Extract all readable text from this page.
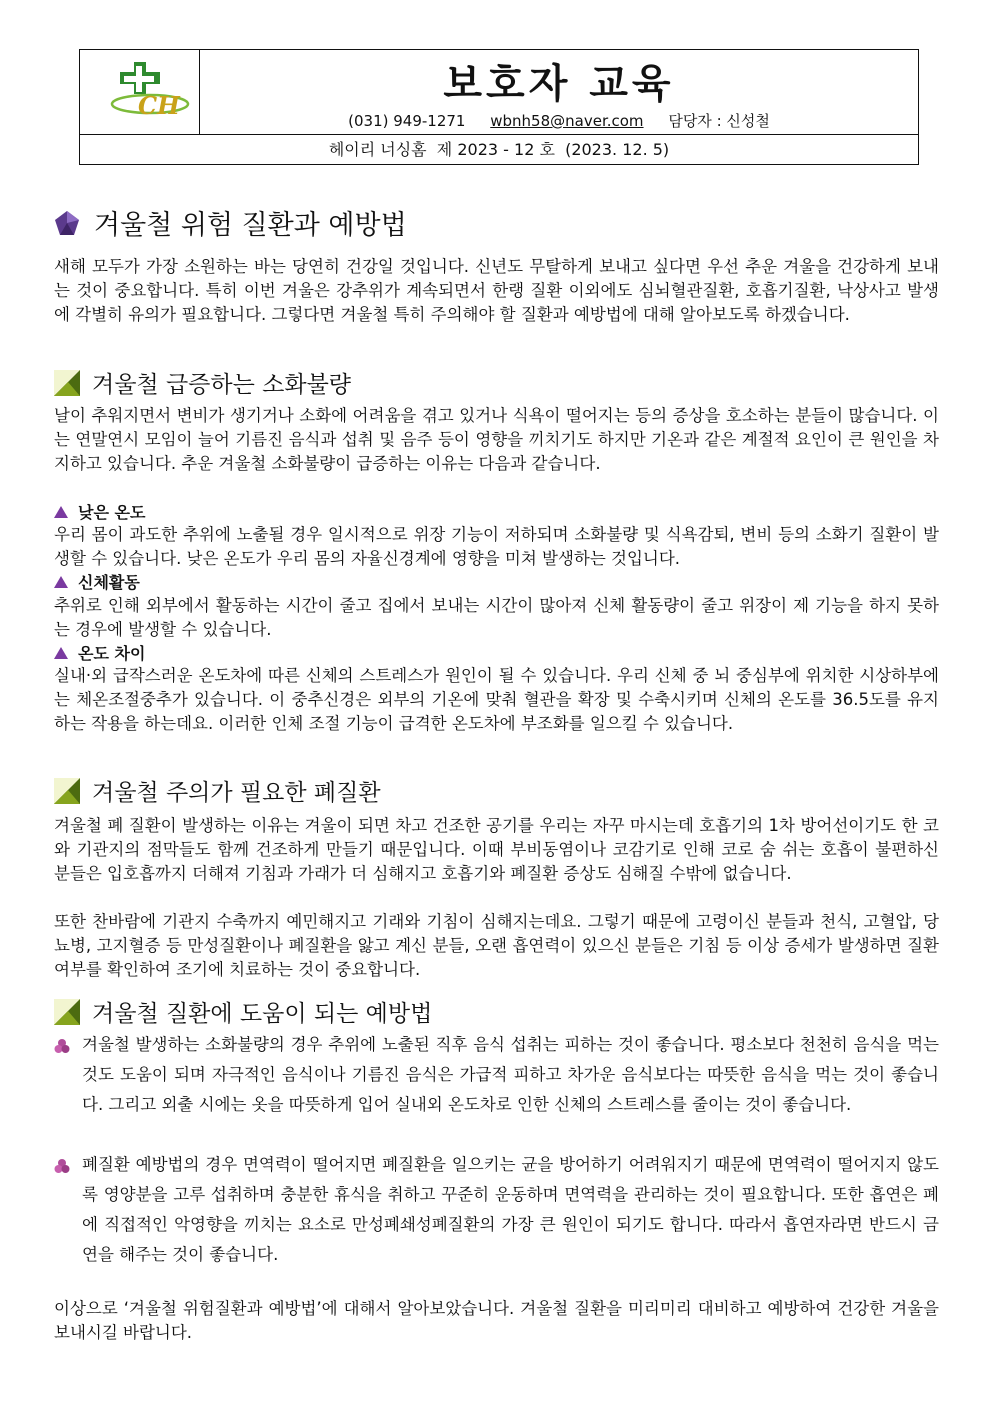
CH	보호자 교육
(031) 949-1271 wbnh58@naver.com 담당자 : 신성철
헤이리 너싱홈  제 2023 - 12 호  (2023. 12. 5)
겨울철 위험 질환과 예방법

새해 모두가 가장 소원하는 바는 당연히 건강일 것입니다. 신년도 무탈하게 보내고 싶다면 우선 추운 겨울을 건강하게 보내는 것이 중요합니다. 특히 이번 겨울은 강추위가 계속되면서 한랭 질환 이외에도 심뇌혈관질환, 호흡기질환, 낙상사고 발생에 각별히 유의가 필요합니다. 그렇다면 겨울철 특히 주의해야 할 질환과 예방법에 대해 알아보도록 하겠습니다.

겨울철 급증하는 소화불량

날이 추워지면서 변비가 생기거나 소화에 어려움을 겪고 있거나 식욕이 떨어지는 등의 증상을 호소하는 분들이 많습니다. 이는 연말연시 모임이 늘어 기름진 음식과 섭취 및 음주 등이 영향을 끼치기도 하지만 기온과 같은 계절적 요인이 큰 원인을 차지하고 있습니다. 추운 겨울철 소화불량이 급증하는 이유는 다음과 같습니다.

낮은 온도

우리 몸이 과도한 추위에 노출될 경우 일시적으로 위장 기능이 저하되며 소화불량 및 식욕감퇴, 변비 등의 소화기 질환이 발생할 수 있습니다. 낮은 온도가 우리 몸의 자율신경계에 영향을 미쳐 발생하는 것입니다.

신체활동

추위로 인해 외부에서 활동하는 시간이 줄고 집에서 보내는 시간이 많아져 신체 활동량이 줄고 위장이 제 기능을 하지 못하는 경우에 발생할 수 있습니다.

온도 차이

실내·외 급작스러운 온도차에 따른 신체의 스트레스가 원인이 될 수 있습니다. 우리 신체 중 뇌 중심부에 위치한 시상하부에는 체온조절중추가 있습니다. 이 중추신경은 외부의 기온에 맞춰 혈관을 확장 및 수축시키며 신체의 온도를 36.5도를 유지하는 작용을 하는데요. 이러한 인체 조절 기능이 급격한 온도차에 부조화를 일으킬 수 있습니다.

겨울철 주의가 필요한 폐질환

겨울철 폐 질환이 발생하는 이유는 겨울이 되면 차고 건조한 공기를 우리는 자꾸 마시는데 호흡기의 1차 방어선이기도 한 코와 기관지의 점막들도 함께 건조하게 만들기 때문입니다. 이때 부비동염이나 코감기로 인해 코로 숨 쉬는 호흡이 불편하신 분들은 입호흡까지 더해져 기침과 가래가 더 심해지고 호흡기와 폐질환 증상도 심해질 수밖에 없습니다.

또한 찬바람에 기관지 수축까지 예민해지고 기래와 기침이 심해지는데요. 그렇기 때문에 고령이신 분들과 천식, 고혈압, 당뇨병, 고지혈증 등 만성질환이나 폐질환을 앓고 계신 분들, 오랜 흡연력이 있으신 분들은 기침 등 이상 증세가 발생하면 질환 여부를 확인하여 조기에 치료하는 것이 중요합니다.

겨울철 질환에 도움이 되는 예방법
겨울철 발생하는 소화불량의 경우 추위에 노출된 직후 음식 섭취는 피하는 것이 좋습니다. 평소보다 천천히 음식을 먹는 것도 도움이 되며 자극적인 음식이나 기름진 음식은 가급적 피하고 차가운 음식보다는 따뜻한 음식을 먹는 것이 좋습니다. 그리고 외출 시에는 옷을 따뜻하게 입어 실내외 온도차로 인한 신체의 스트레스를 줄이는 것이 좋습니다.
폐질환 예방법의 경우 면역력이 떨어지면 폐질환을 일으키는 균을 방어하기 어려워지기 때문에 면역력이 떨어지지 않도록 영양분을 고루 섭취하며 충분한 휴식을 취하고 꾸준히 운동하며 면역력을 관리하는 것이 필요합니다. 또한 흡연은 폐에 직접적인 악영향을 끼치는 요소로 만성폐쇄성폐질환의 가장 큰 원인이 되기도 합니다. 따라서 흡연자라면 반드시 금연을 해주는 것이 좋습니다.

이상으로 ‘겨울철 위험질환과 예방법’에 대해서 알아보았습니다. 겨울철 질환을 미리미리 대비하고 예방하여 건강한 겨울을 보내시길 바랍니다.
